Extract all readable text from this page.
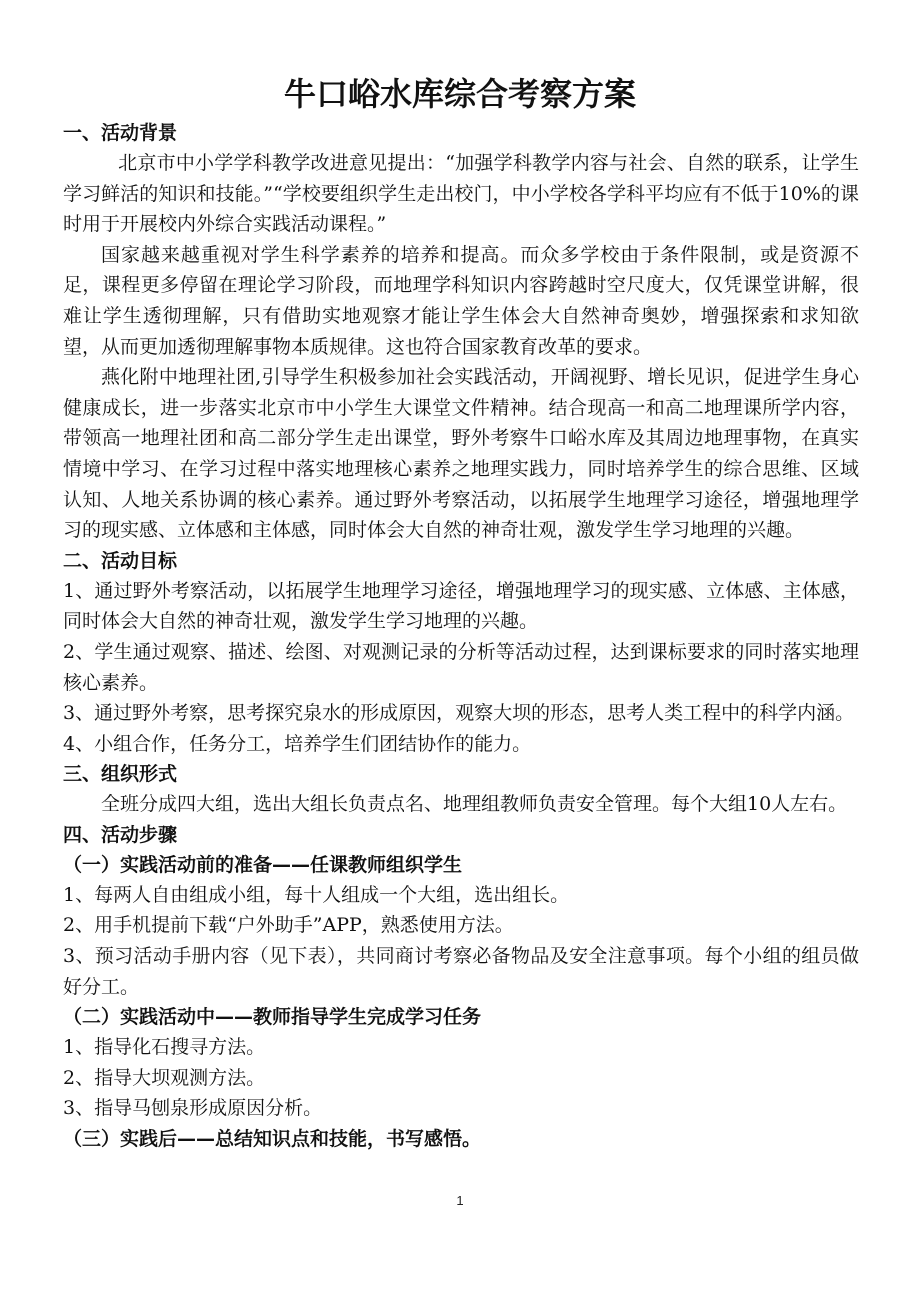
牛口峪水库综合考察方案

一、活动背景

北京市中小学学科教学改进意见提出：“加强学科教学内容与社会、自然的联系，让学生学习鲜活的知识和技能。”“学校要组织学生走出校门，中小学校各学科平均应有不低于10%的课时用于开展校内外综合实践活动课程。”

国家越来越重视对学生科学素养的培养和提高。而众多学校由于条件限制，或是资源不足，课程更多停留在理论学习阶段，而地理学科知识内容跨越时空尺度大，仅凭课堂讲解，很难让学生透彻理解，只有借助实地观察才能让学生体会大自然神奇奥妙，增强探索和求知欲望，从而更加透彻理解事物本质规律。这也符合国家教育改革的要求。

燕化附中地理社团,引导学生积极参加社会实践活动，开阔视野、增长见识，促进学生身心健康成长，进一步落实北京市中小学生大课堂文件精神。结合现高一和高二地理课所学内容，带领高一地理社团和高二部分学生走出课堂，野外考察牛口峪水库及其周边地理事物，在真实情境中学习、在学习过程中落实地理核心素养之地理实践力，同时培养学生的综合思维、区域认知、人地关系协调的核心素养。通过野外考察活动，以拓展学生地理学习途径，增强地理学习的现实感、立体感和主体感，同时体会大自然的神奇壮观，激发学生学习地理的兴趣。

二、活动目标

1、通过野外考察活动，以拓展学生地理学习途径，增强地理学习的现实感、立体感、主体感，同时体会大自然的神奇壮观，激发学生学习地理的兴趣。

2、学生通过观察、描述、绘图、对观测记录的分析等活动过程，达到课标要求的同时落实地理核心素养。

3、通过野外考察，思考探究泉水的形成原因，观察大坝的形态，思考人类工程中的科学内涵。

4、小组合作，任务分工，培养学生们团结协作的能力。

三、组织形式

全班分成四大组，选出大组长负责点名、地理组教师负责安全管理。每个大组10人左右。

四、活动步骤

（一）实践活动前的准备——任课教师组织学生

1、每两人自由组成小组，每十人组成一个大组，选出组长。

2、用手机提前下载“户外助手”APP，熟悉使用方法。

3、预习活动手册内容（见下表），共同商讨考察必备物品及安全注意事项。每个小组的组员做好分工。

（二）实践活动中——教师指导学生完成学习任务

1、指导化石搜寻方法。

2、指导大坝观测方法。

3、指导马刨泉形成原因分析。

（三）实践后——总结知识点和技能，书写感悟。

1
